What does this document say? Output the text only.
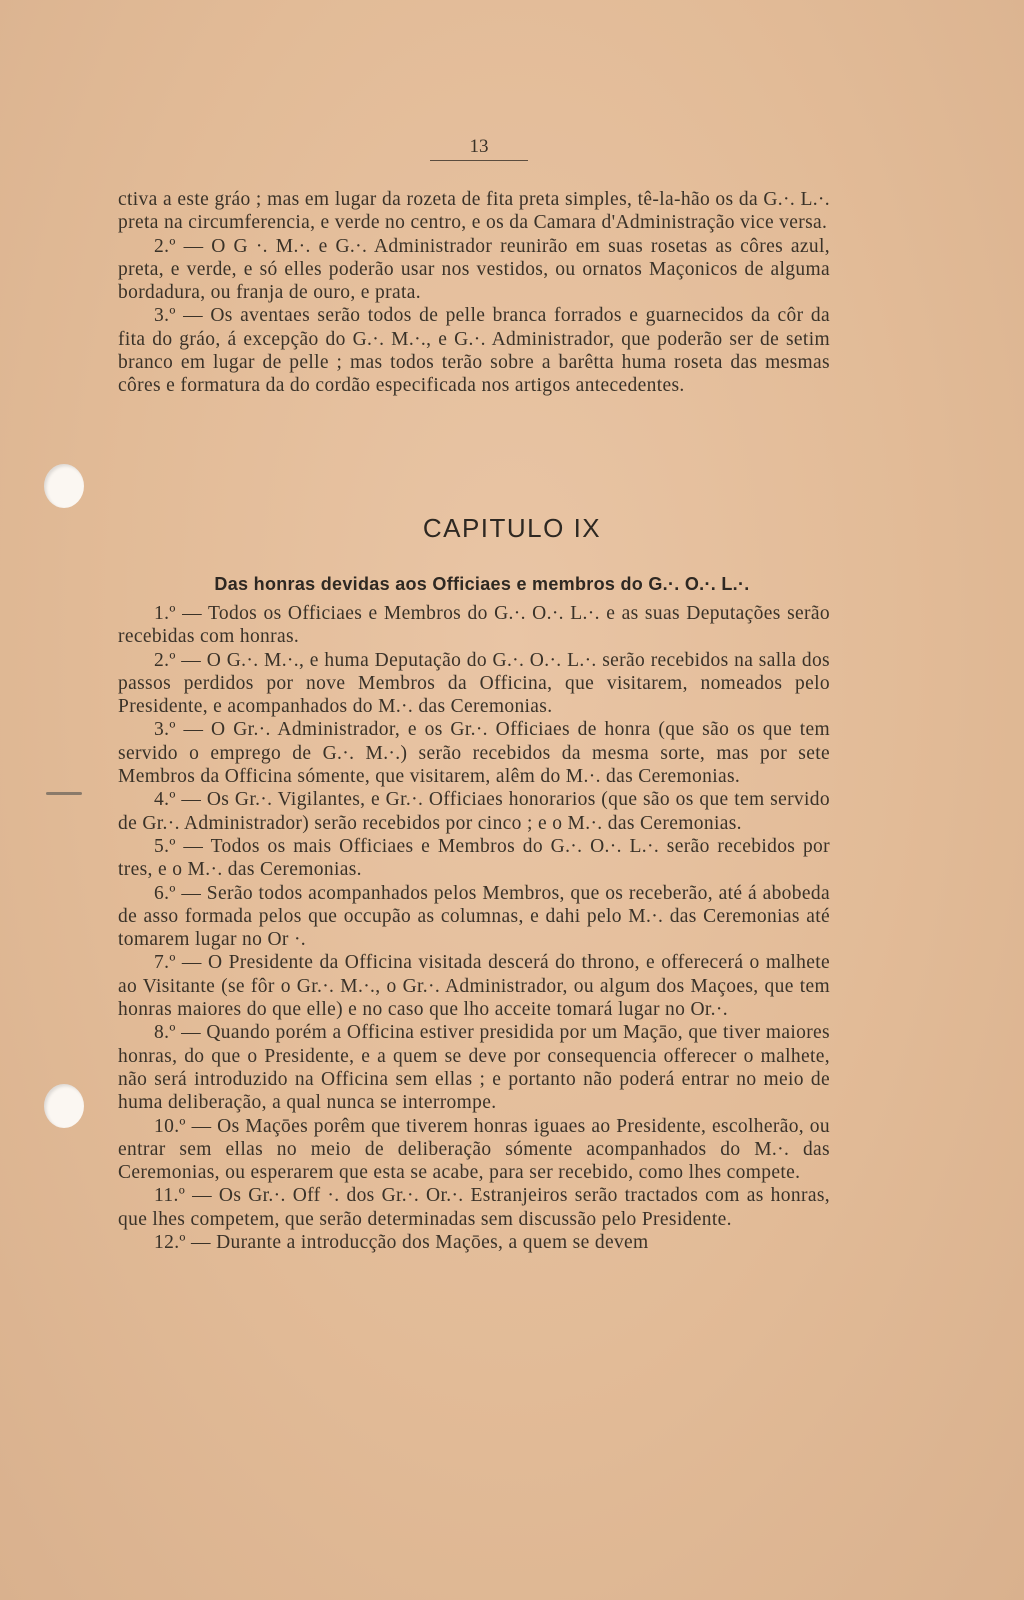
13

ctiva a este gráo ; mas em lugar da rozeta de fita preta simples, tê-la-hão os da G.·. L.·. preta na circumferencia, e verde no centro, e os da Camara d'Administração vice versa.

2.º — O G ·. M.·. e G.·. Administrador reunirão em suas rosetas as côres azul, preta, e verde, e só elles poderão usar nos vestidos, ou ornatos Maçonicos de alguma bordadura, ou franja de ouro, e prata.

3.º — Os aventaes serão todos de pelle branca forrados e guarnecidos da côr da fita do gráo, á excepção do G.·. M.·., e G.·. Administrador, que poderão ser de setim branco em lugar de pelle ; mas todos terão sobre a barêtta huma roseta das mesmas côres e formatura da do cordão especificada nos artigos antecedentes.

CAPITULO IX
Das honras devidas aos Officiaes e membros do G.·. O.·. L.·.

1.º — Todos os Officiaes e Membros do G.·. O.·. L.·. e as suas Deputações serão recebidas com honras.

2.º — O G.·. M.·., e huma Deputação do G.·. O.·. L.·. serão recebidos na salla dos passos perdidos por nove Membros da Officina, que visitarem, nomeados pelo Presidente, e acompanhados do M.·. das Ceremonias.

3.º — O Gr.·. Administrador, e os Gr.·. Officiaes de honra (que são os que tem servido o emprego de G.·. M.·.) serão recebidos da mesma sorte, mas por sete Membros da Officina sómente, que visitarem, alêm do M.·. das Ceremonias.

4.º — Os Gr.·. Vigilantes, e Gr.·. Officiaes honorarios (que são os que tem servido de Gr.·. Administrador) serão recebidos por cinco ; e o M.·. das Ceremonias.

5.º — Todos os mais Officiaes e Membros do G.·. O.·. L.·. serão recebidos por tres, e o M.·. das Ceremonias.

6.º — Serão todos acompanhados pelos Membros, que os receberão, até á abobeda de asso formada pelos que occupão as columnas, e dahi pelo M.·. das Ceremonias até tomarem lugar no Or ·.

7.º — O Presidente da Officina visitada descerá do throno, e offerecerá o malhete ao Visitante (se fôr o Gr.·. M.·., o Gr.·. Administrador, ou algum dos Maçoes, que tem honras maiores do que elle) e no caso que lho acceite tomará lugar no Or.·.

8.º — Quando porém a Officina estiver presidida por um Maçāo, que tiver maiores honras, do que o Presidente, e a quem se deve por consequencia offerecer o malhete, não será introduzido na Officina sem ellas ; e portanto não poderá entrar no meio de huma deliberação, a qual nunca se interrompe.

10.º — Os Maçōes porêm que tiverem honras iguaes ao Presidente, escolherão, ou entrar sem ellas no meio de deliberação sómente acompanhados do M.·. das Ceremonias, ou esperarem que esta se acabe, para ser recebido, como lhes compete.

11.º — Os Gr.·. Off ·. dos Gr.·. Or.·. Estranjeiros serão tractados com as honras, que lhes competem, que serão determinadas sem discussão pelo Presidente.

12.º — Durante a introducção dos Maçōes, a quem se devem
